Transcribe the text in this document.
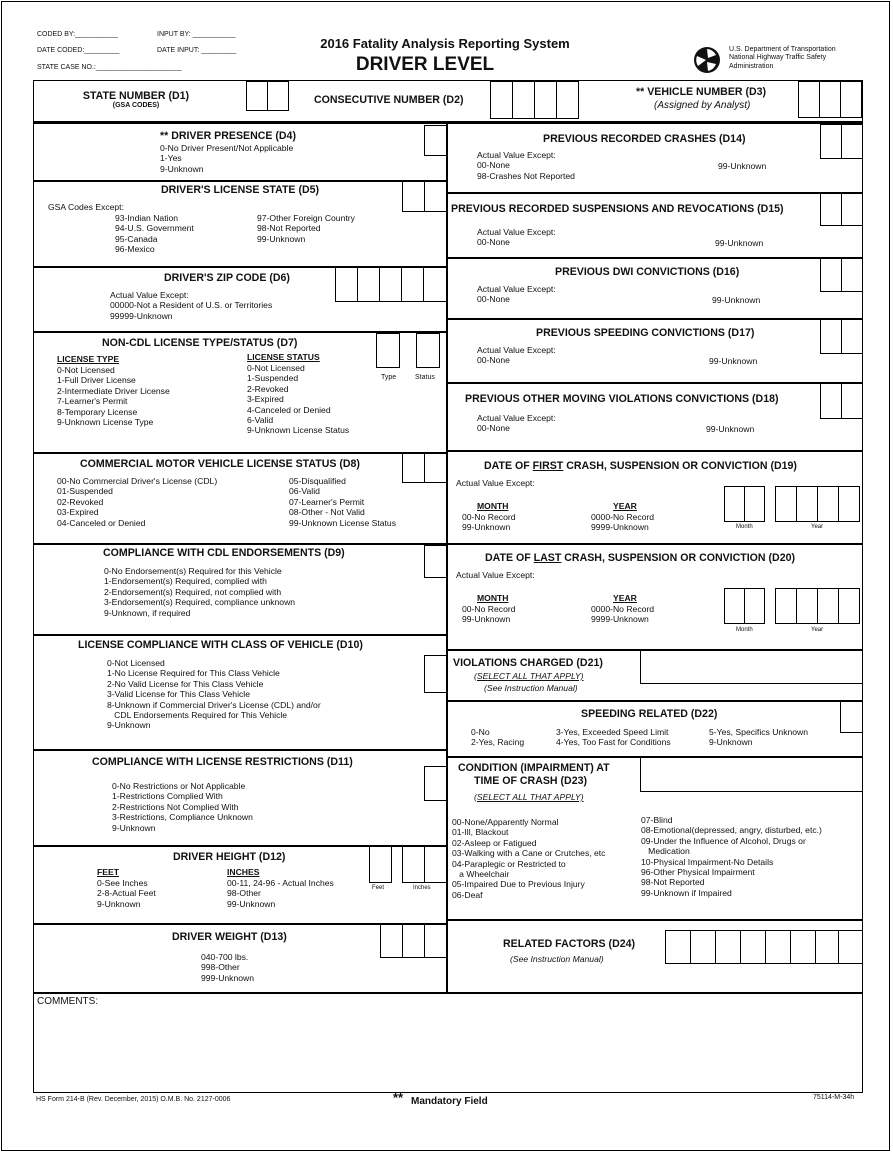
CODED BY:___________	INPUT BY: ___________
DATE CODED:_________	DATE INPUT: _________
STATE CASE NO.:______________________
2016 Fatality Analysis Reporting System
DRIVER LEVEL
U.S. Department of Transportation
National Highway Traffic Safety
Administration
STATE NUMBER (D1)
(GSA CODES)	CONSECUTIVE NUMBER (D2)
** VEHICLE NUMBER (D3)
(Assigned by Analyst)
** DRIVER PRESENCE (D4)
0-No Driver Present/Not Applicable
1-Yes
9-Unknown
DRIVER'S LICENSE STATE (D5)
GSA Codes Except:
93-Indian Nation
94-U.S. Government
95-Canada
96-Mexico
97-Other Foreign Country
98-Not Reported
99-Unknown
DRIVER'S ZIP CODE (D6)
Actual Value Except:
00000-Not a Resident of U.S. or Territories
99999-Unknown
NON-CDL LICENSE TYPE/STATUS (D7)
LICENSE TYPE
0-Not Licensed
1-Full Driver License
2-Intermediate Driver License
7-Learner's Permit
8-Temporary License
9-Unknown License Type
LICENSE STATUS
0-Not Licensed
1-Suspended
2-Revoked
3-Expired
4-Canceled or Denied
6-Valid
9-Unknown License Status
Type	Status
COMMERCIAL MOTOR VEHICLE LICENSE STATUS (D8)
00-No Commercial Driver's License (CDL)
01-Suspended
02-Revoked
03-Expired
04-Canceled or Denied
05-Disqualified
06-Valid
07-Learner's Permit
08-Other - Not Valid
99-Unknown License Status
COMPLIANCE WITH CDL ENDORSEMENTS (D9)
0-No Endorsement(s) Required for this Vehicle
1-Endorsement(s) Required, complied with
2-Endorsement(s) Required, not complied with
3-Endorsement(s) Required, compliance unknown
9-Unknown, if required
LICENSE COMPLIANCE WITH CLASS OF VEHICLE (D10)
0-Not Licensed
1-No License Required for This Class Vehicle
2-No Valid License for This Class Vehicle
3-Valid License for This Class Vehicle
8-Unknown if Commercial Driver's License (CDL) and/or
CDL Endorsements Required for This Vehicle
9-Unknown
COMPLIANCE WITH LICENSE RESTRICTIONS (D11)
0-No Restrictions or Not Applicable
1-Restrictions Complied With
2-Restrictions Not Complied With
3-Restrictions, Compliance Unknown
9-Unknown
DRIVER HEIGHT (D12)
FEET
0-See Inches
2-8-Actual Feet
9-Unknown
INCHES
00-11, 24-96 - Actual Inches
98-Other
99-Unknown
Feet	Inches
DRIVER WEIGHT (D13)
040-700 lbs.
998-Other
999-Unknown
PREVIOUS RECORDED CRASHES (D14)
Actual Value Except:
00-None
98-Crashes Not Reported
99-Unknown
PREVIOUS RECORDED SUSPENSIONS AND REVOCATIONS (D15)
Actual Value Except:
00-None	99-Unknown
PREVIOUS DWI CONVICTIONS (D16)
Actual Value Except:
00-None	99-Unknown
PREVIOUS SPEEDING CONVICTIONS (D17)
Actual Value Except:
00-None	99-Unknown
PREVIOUS OTHER MOVING VIOLATIONS CONVICTIONS (D18)
Actual Value Except:
00-None	99-Unknown
DATE OF FIRST CRASH, SUSPENSION OR CONVICTION (D19)
Actual Value Except:
MONTH
00-No Record
99-Unknown
YEAR
0000-No Record
9999-Unknown	Month	Year
DATE OF LAST CRASH, SUSPENSION OR CONVICTION (D20)
Actual Value Except:
MONTH
00-No Record
99-Unknown
YEAR
0000-No Record
9999-Unknown
Month	Year
VIOLATIONS CHARGED (D21)
(SELECT ALL THAT APPLY)
(See Instruction Manual)
SPEEDING RELATED (D22)
0-No
2-Yes, Racing
3-Yes, Exceeded Speed Limit
4-Yes, Too Fast for Conditions
5-Yes, Specifics Unknown
9-Unknown
CONDITION (IMPAIRMENT) AT
TIME OF CRASH (D23)
(SELECT ALL THAT APPLY)
00-None/Apparently Normal
01-Ill, Blackout
02-Asleep or Fatigued
03-Walking with a Cane or Crutches, etc
04-Paraplegic or Restricted to
a Wheelchair
05-Impaired Due to Previous Injury
06-Deaf
07-Blind
08-Emotional(depressed, angry, disturbed, etc.)
09-Under the Influence of Alcohol, Drugs or
Medication
10-Physical Impairment-No Details
96-Other Physical Impairment
98-Not Reported
99-Unknown if Impaired
RELATED FACTORS (D24)
(See Instruction Manual)
COMMENTS:
HS Form 214-B (Rev. December, 2015) O.M.B. No. 2127-0006	** Mandatory Field	75114-M-34h
